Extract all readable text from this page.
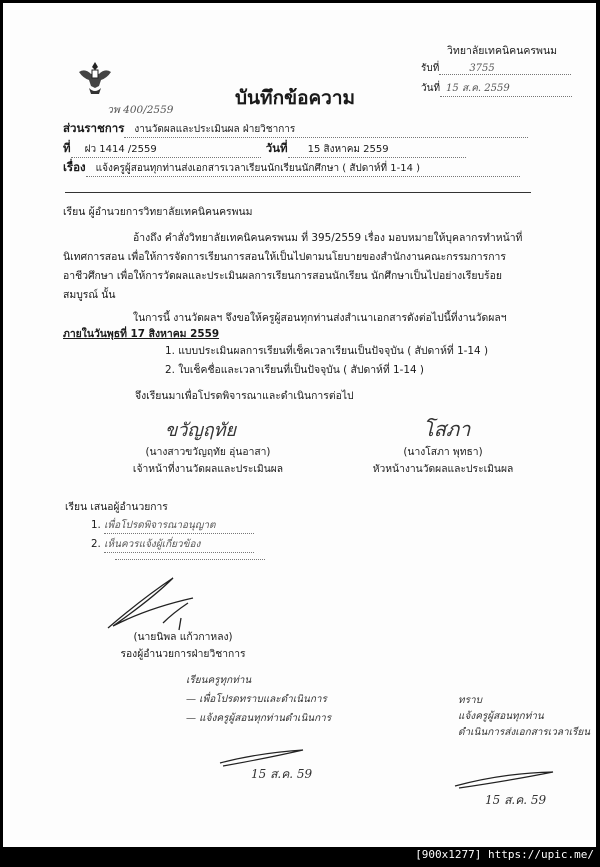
วพ 400/2559
บันทึกข้อความ
วิทยาลัยเทคนิคนครพนม
รับที่	3755
วันที่ 15 ส.ค. 2559
ส่วนราชการ งานวัดผลและประเมินผล ฝ่ายวิชาการ
ที่ ฝว 1414 /2559	วันที่ 15 สิงหาคม 2559
เรื่อง แจ้งครูผู้สอนทุกท่านส่งเอกสารเวลาเรียนนักเรียนนักศึกษา ( สัปดาห์ที่ 1-14 )
เรียน ผู้อำนวยการวิทยาลัยเทคนิคนครพนม
อ้างถึง คำสั่งวิทยาลัยเทคนิคนครพนม ที่ 395/2559 เรื่อง มอบหมายให้บุคลากรทำหน้าที่
นิเทศการสอน เพื่อให้การจัดการเรียนการสอนให้เป็นไปตามนโยบายของสำนักงานคณะกรรมการการ
อาชีวศึกษา เพื่อให้การวัดผลและประเมินผลการเรียนการสอนนักเรียน นักศึกษาเป็นไปอย่างเรียบร้อย
สมบูรณ์ นั้น
ในการนี้ งานวัดผลฯ จึงขอให้ครูผู้สอนทุกท่านส่งสำเนาเอกสารดังต่อไปนี้ที่งานวัดผลฯ
ภายในวันพุธที่ 17 สิงหาคม 2559
1. แบบประเมินผลการเรียนที่เช็คเวลาเรียนเป็นปัจจุบัน ( สัปดาห์ที่ 1-14 )
2. ใบเช็คชื่อและเวลาเรียนที่เป็นปัจจุบัน ( สัปดาห์ที่ 1-14 )
จึงเรียนมาเพื่อโปรดพิจารณาและดำเนินการต่อไป
ขวัญฤทัย	โสภา
(นางสาวขวัญฤทัย อุ่นอาสา)
เจ้าหน้าที่งานวัดผลและประเมินผล
(นางโสภา พุทธา)
หัวหน้างานวัดผลและประเมินผล
เรียน เสนอผู้อำนวยการ
1. เพื่อโปรดพิจารณาอนุญาต
2. เห็นควรแจ้งผู้เกี่ยวข้อง
(นายนิพล แก้วกาหลง)
รองผู้อำนวยการฝ่ายวิชาการ
เรียนครูทุกท่าน
— เพื่อโปรดทราบและดำเนินการ
— แจ้งครูผู้สอนทุกท่านดำเนินการ
15 ส.ค. 59
ทราบ
แจ้งครูผู้สอนทุกท่าน
ดำเนินการส่งเอกสารเวลาเรียน
15 ส.ค. 59
[900x1277] https://upic.me/
